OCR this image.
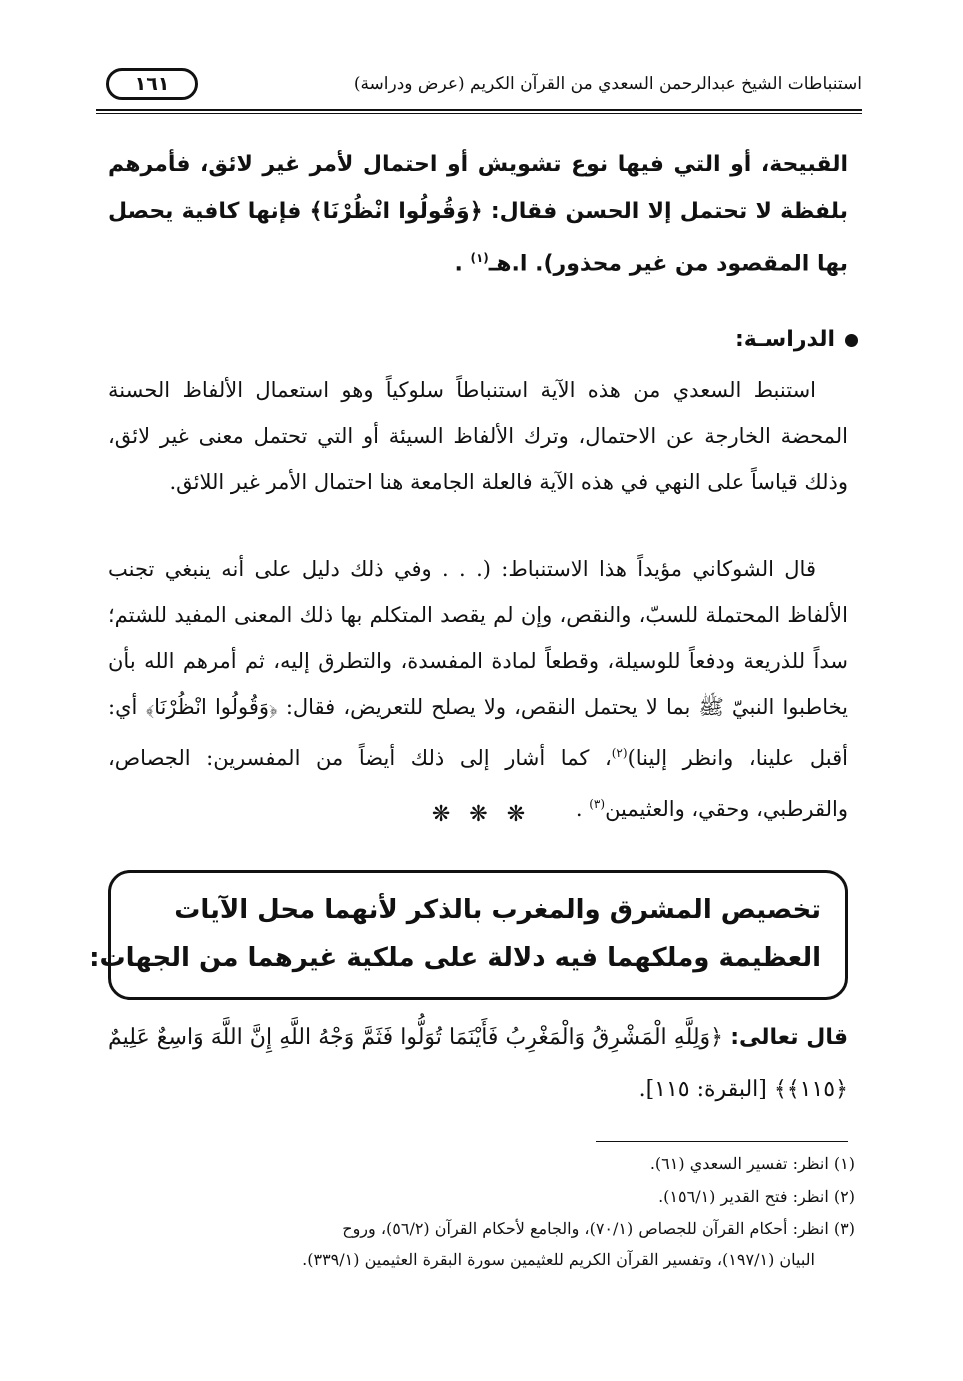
استنباطات الشيخ عبدالرحمن السعدي من القرآن الكريم (عرض ودراسة)
١٦١

القبيحة، أو التي فيها نوع تشويش أو احتمال لأمر غير لائق، فأمرهم بلفظة لا تحتمل إلا الحسن فقال: ﴿وَقُولُوا انْظُرْنَا﴾ فإنها كافية يحصل بها المقصود من غير محذور). ا.هـ$^{(١)}$ .

الدراسـة:

استنبط السعدي من هذه الآية استنباطاً سلوكياً وهو استعمال الألفاظ الحسنة المحضة الخارجة عن الاحتمال، وترك الألفاظ السيئة أو التي تحتمل معنى غير لائق، وذلك قياساً على النهي في هذه الآية فالعلة الجامعة هنا احتمال الأمر غير اللائق.

قال الشوكاني مؤيداً هذا الاستنباط: (. . . وفي ذلك دليل على أنه ينبغي تجنب الألفاظ المحتملة للسبّ، والنقص، وإن لم يقصد المتكلم بها ذلك المعنى المفيد للشتم؛ سداً للذريعة ودفعاً للوسيلة، وقطعاً لمادة المفسدة، والتطرق إليه، ثم أمرهم الله بأن يخاطبوا النبيّ ﷺ بما لا يحتمل النقص، ولا يصلح للتعريض، فقال: ﴿وَقُولُوا انْظُرْنَا﴾ أي: أقبل علينا، وانظر إلينا)$^{(٢)}$، كما أشار إلى ذلك أيضاً من المفسرين: الجصاص، والقرطبي، وحقي، والعثيمين$^{(٣)}$ .

❋ ❋ ❋

تخصيص المشرق والمغرب بالذكر لأنهما محل الآيات

العظيمة وملكهما فيه دلالة على ملكية غيرهما من الجهات:

قال تعالى: ﴿وَلِلَّهِ الْمَشْرِقُ وَالْمَغْرِبُ فَأَيْنَمَا تُوَلُّوا فَثَمَّ وَجْهُ اللَّهِ إِنَّ اللَّهَ وَاسِعٌ عَلِيمٌ ﴿١١٥﴾﴾ [البقرة: ١١٥].

(١) انظر: تفسير السعدي (٦١).

(٢) انظر: فتح القدير (١٥٦/١).

(٣) انظر: أحكام القرآن للجصاص (٧٠/١)، والجامع لأحكام القرآن (٥٦/٢)، وروح

البيان (١٩٧/١)، وتفسير القرآن الكريم للعثيمين سورة البقرة العثيمين (٣٣٩/١).
